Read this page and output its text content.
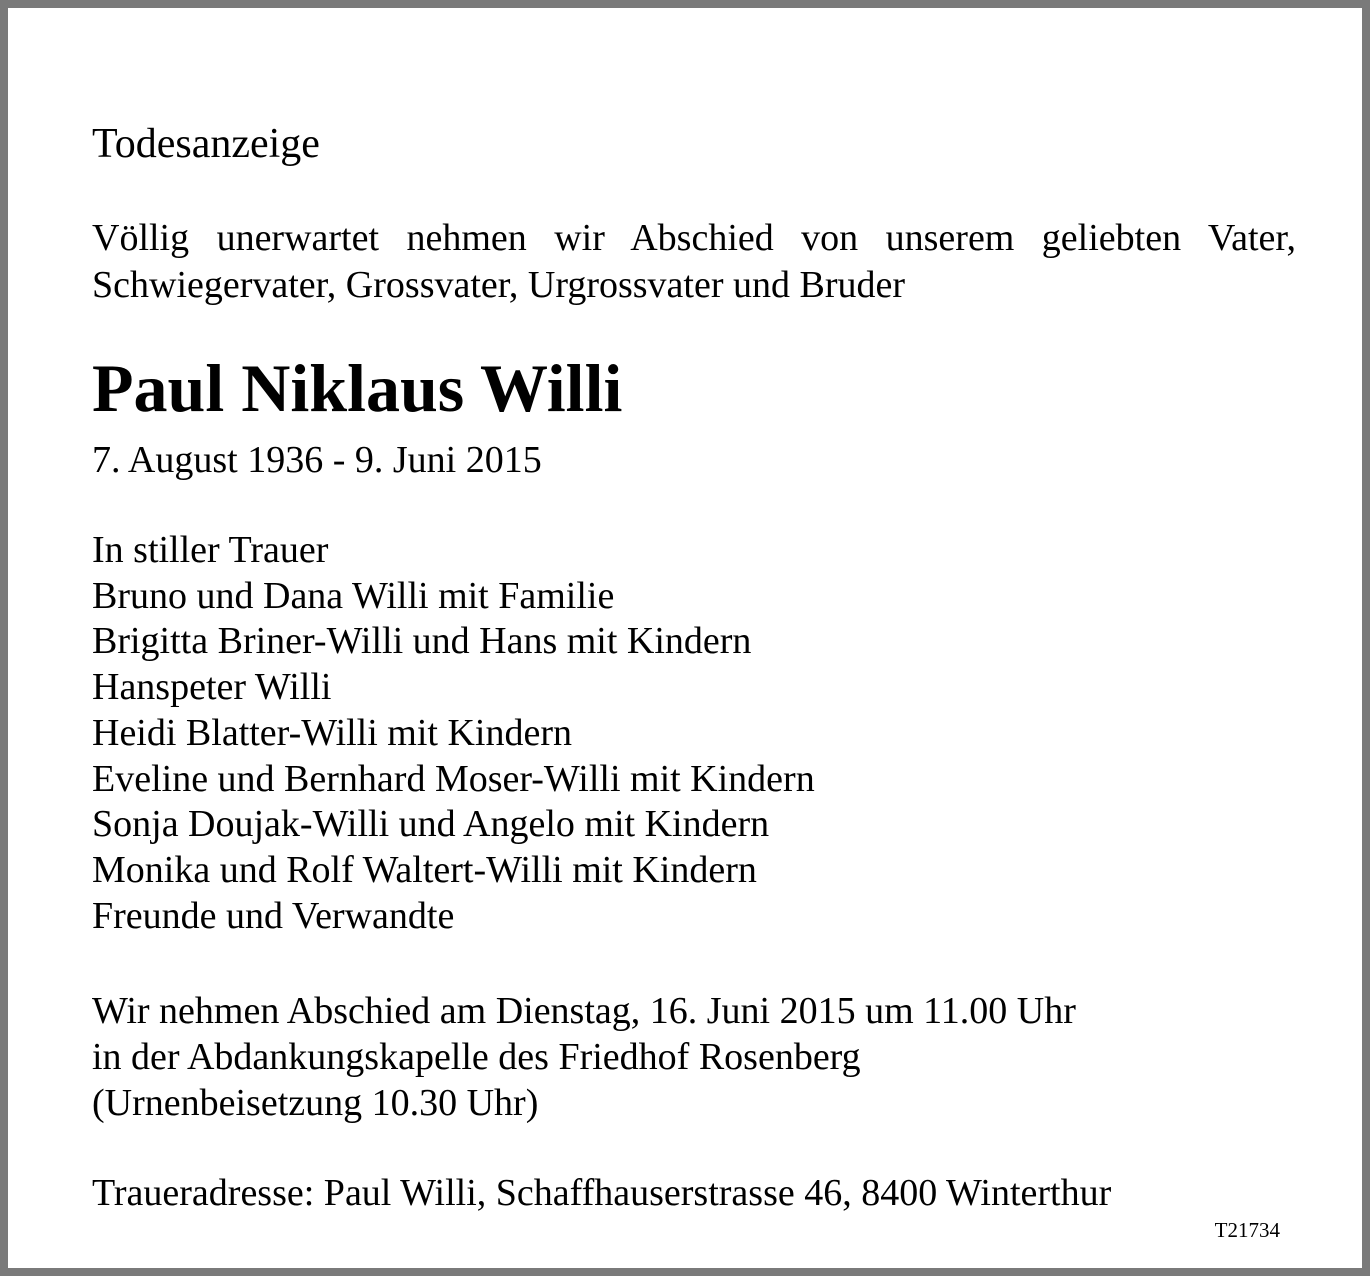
Todesanzeige
Völlig unerwartet nehmen wir Abschied von unserem geliebten Vater,
Schwiegervater, Grossvater, Urgrossvater und Bruder
Paul Niklaus Willi
7. August 1936 - 9. Juni 2015
In stiller Trauer
Bruno und Dana Willi mit Familie
Brigitta Briner-Willi und Hans mit Kindern
Hanspeter Willi
Heidi Blatter-Willi mit Kindern
Eveline und Bernhard Moser-Willi mit Kindern
Sonja Doujak-Willi und Angelo mit Kindern
Monika und Rolf Waltert-Willi mit Kindern
Freunde und Verwandte
Wir nehmen Abschied am Dienstag, 16. Juni 2015 um 11.00 Uhr
in der Abdankungskapelle des Friedhof Rosenberg
(Urnenbeisetzung 10.30 Uhr)
Traueradresse: Paul Willi, Schaffhauserstrasse 46, 8400 Winterthur
T21734
